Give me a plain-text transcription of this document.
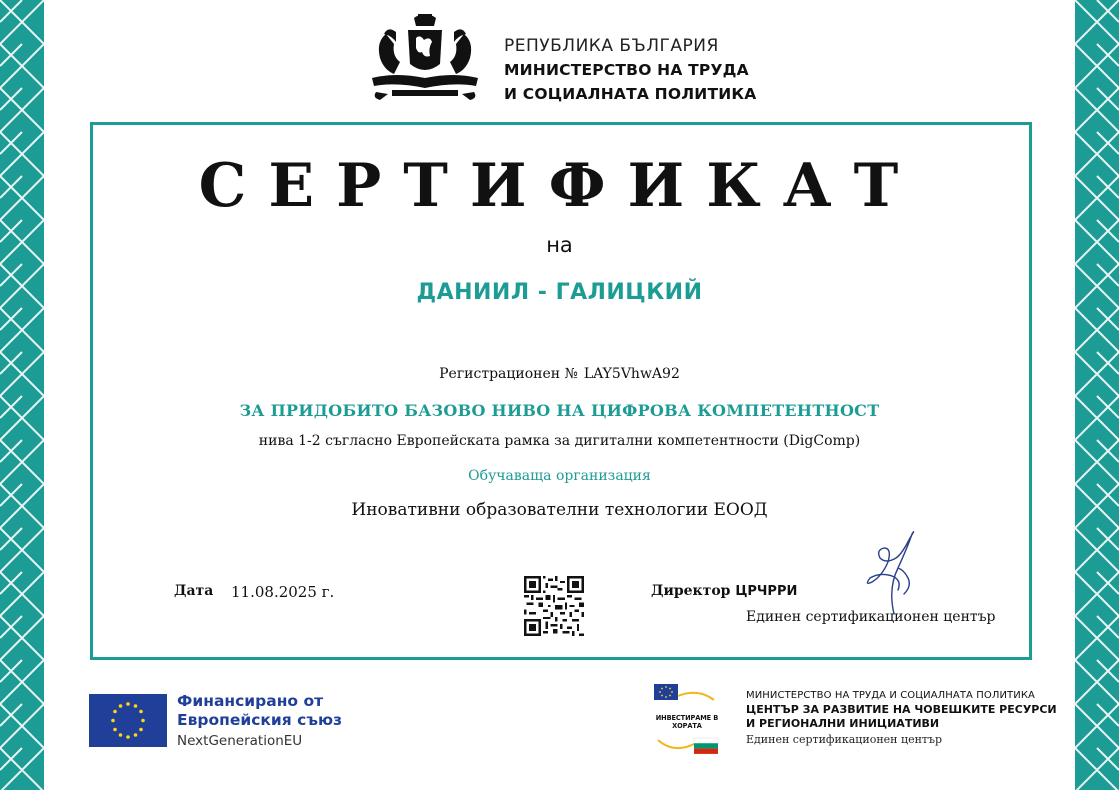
РЕПУБЛИКА БЪЛГАРИЯ
МИНИСТЕРСТВО НА ТРУДА
И СОЦИАЛНАТА ПОЛИТИКА
СЕРТИФИКАТ
на
ДАНИИЛ - ГАЛИЦКИЙ
Регистрационен № LAY5VhwA92
ЗА ПРИДОБИТО БАЗОВО НИВО НА ЦИФРОВА КОМПЕТЕНТНОСТ
нива 1-2 съгласно Европейската рамка за дигитални компетентности (DigComp)
Обучаваща организация
Иновативни образователни технологии ЕООД
Дата 11.08.2025 г.	Директор ЦРЧРРИ
Единен сертификационен център
Финансирано от
Европейския съюз
NextGenerationEU
ИНВЕСТИРАМЕ В ХОРАТА
МИНИСТЕРСТВО НА ТРУДА И СОЦИАЛНАТА ПОЛИТИКА
ЦЕНТЪР ЗА РАЗВИТИЕ НА ЧОВЕШКИТЕ РЕСУРСИ
И РЕГИОНАЛНИ ИНИЦИАТИВИ
Единен сертификационен център
